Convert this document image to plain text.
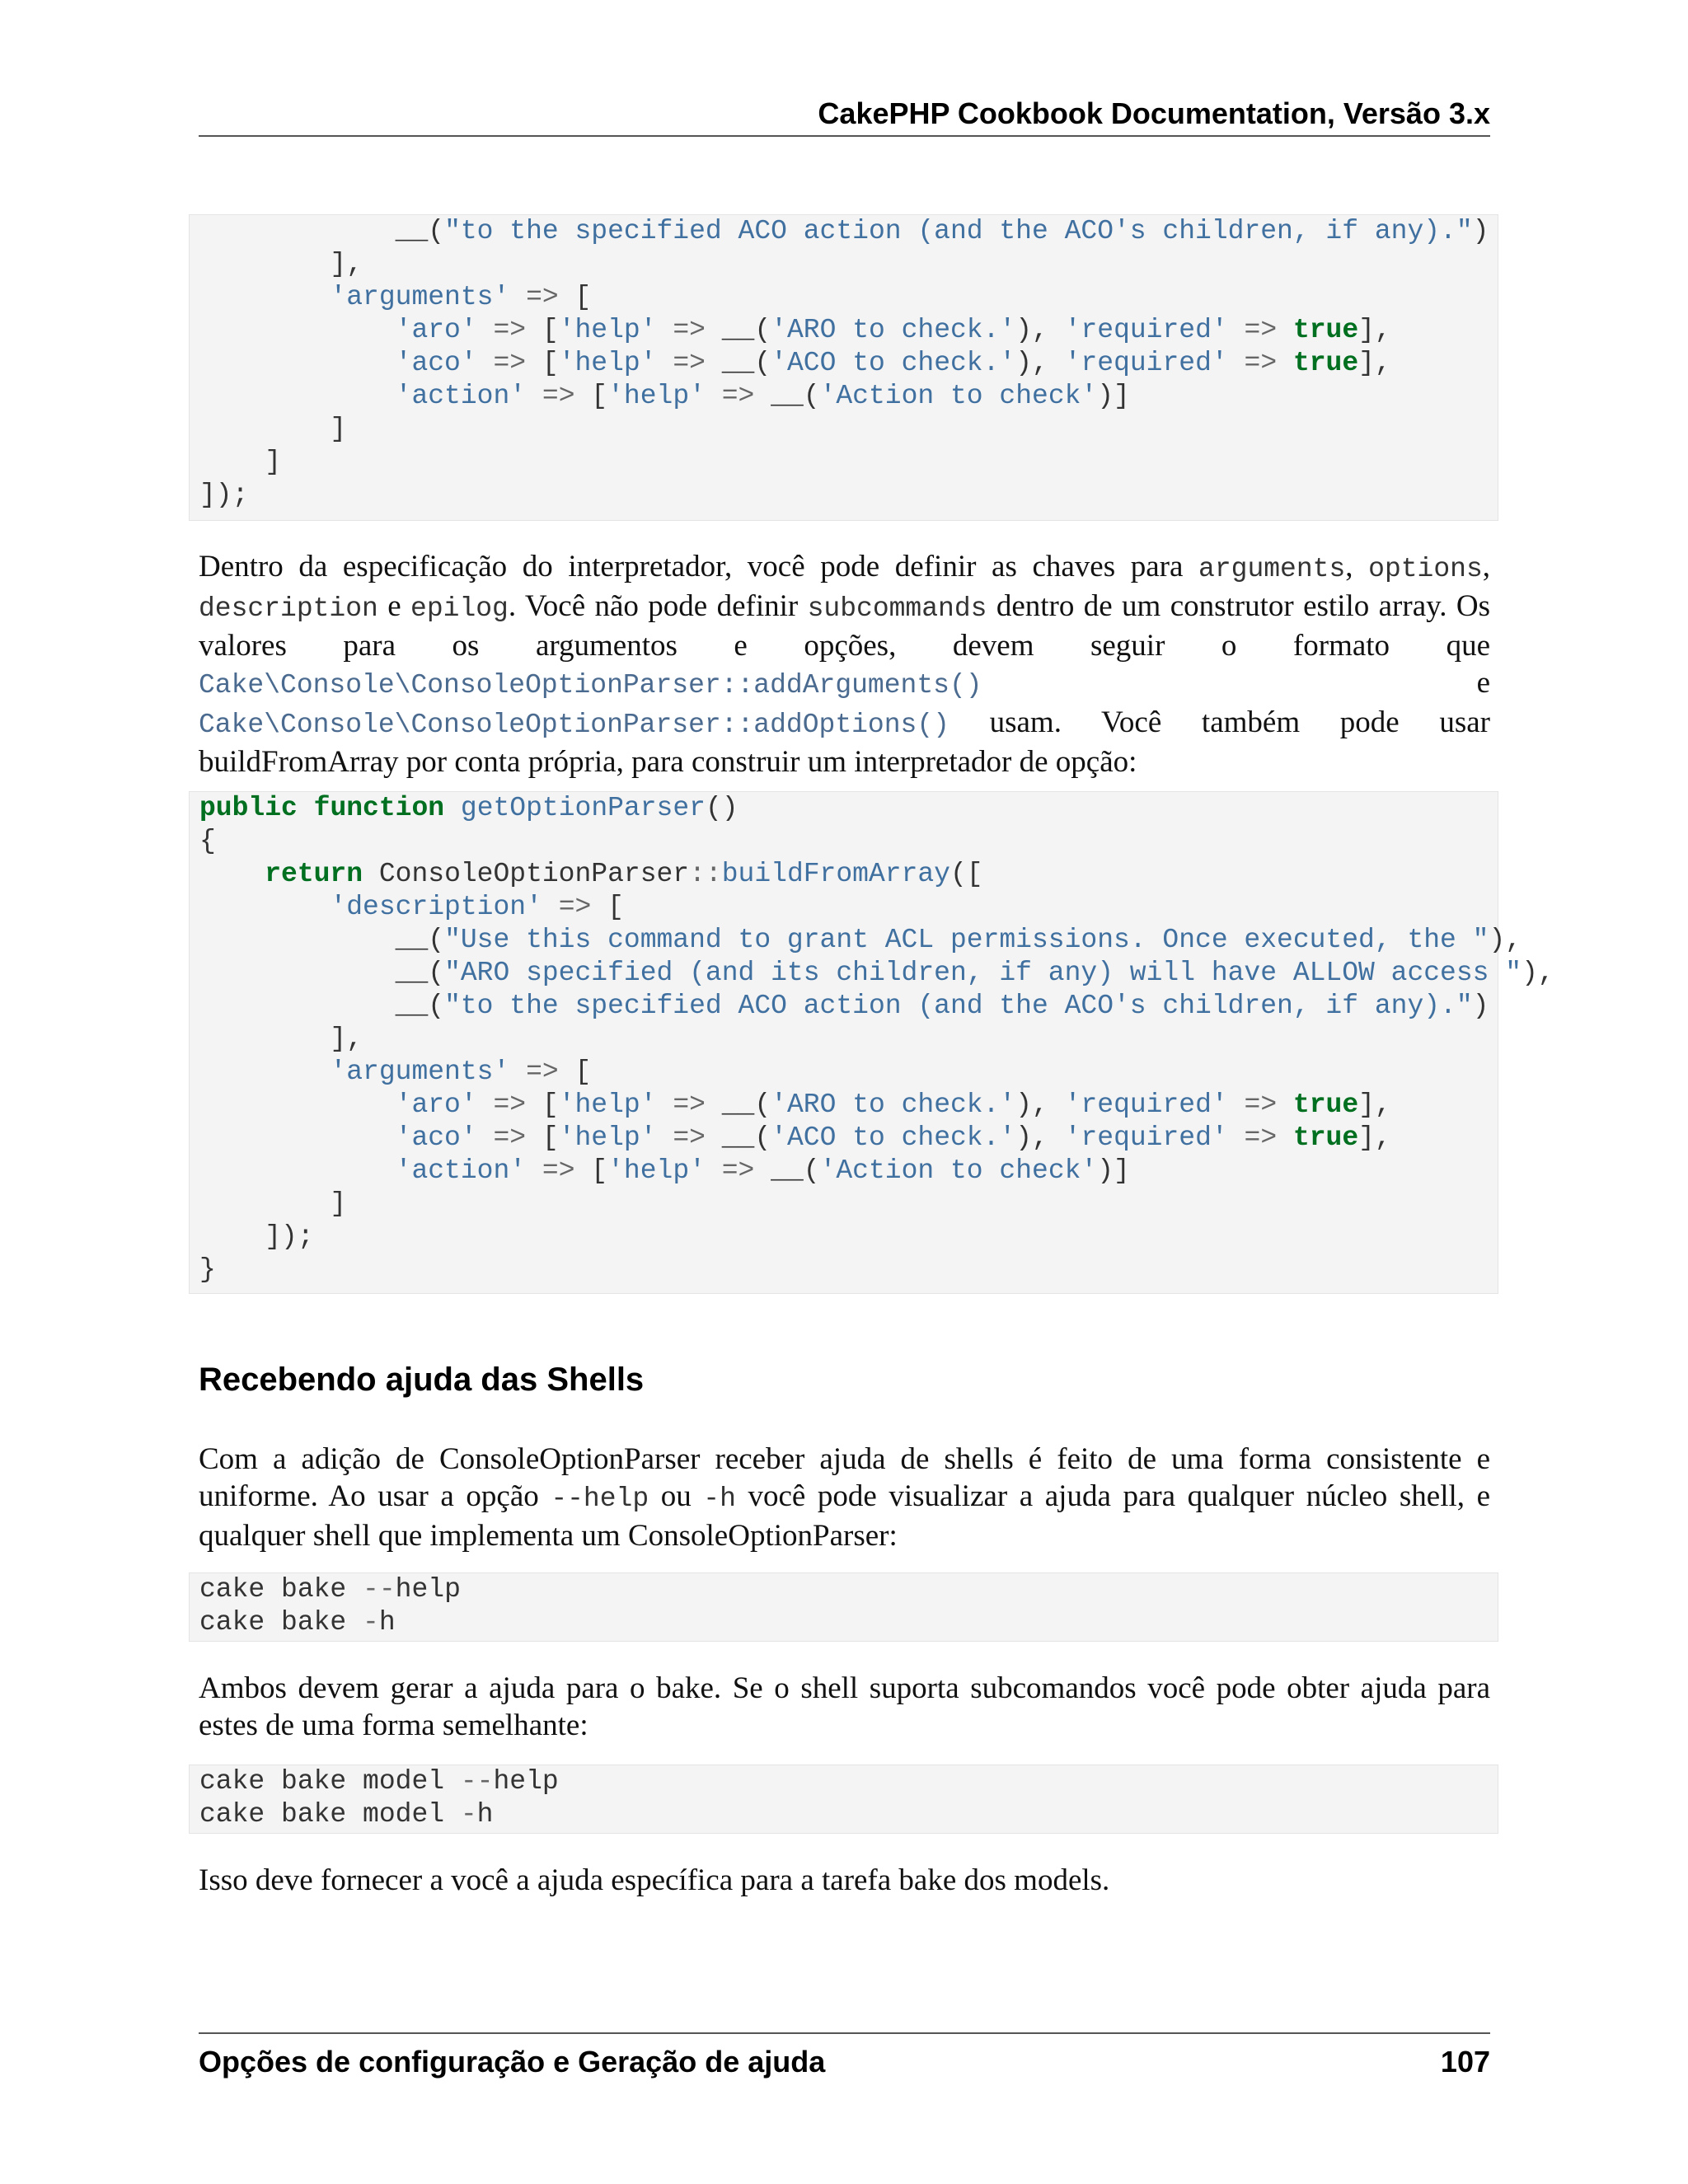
CakePHP Cookbook Documentation, Versão 3.x
__("to the specified ACO action (and the ACO's children, if any).")
],
'arguments' => [
'aro' => ['help' => __('ARO to check.'), 'required' => true],
'aco' => ['help' => __('ACO to check.'), 'required' => true],
'action' => ['help' => __('Action to check')]
]
]
]);
Dentro da especificação do interpretador, você pode definir as chaves para arguments, options, description e epilog. Você não pode definir subcommands dentro de um construtor estilo array. Os valores para os argumentos e opções, devem seguir o formato que Cake\Console\ConsoleOptionParser::addArguments() e Cake\Console\ConsoleOptionParser::addOptions() usam. Você também pode usar buildFromArray por conta própria, para construir um interpretador de opção:
public function getOptionParser()
{
return ConsoleOptionParser::buildFromArray([
'description' => [
__("Use this command to grant ACL permissions. Once executed, the "),
__("ARO specified (and its children, if any) will have ALLOW access "),
__("to the specified ACO action (and the ACO's children, if any).")
],
'arguments' => [
'aro' => ['help' => __('ARO to check.'), 'required' => true],
'aco' => ['help' => __('ACO to check.'), 'required' => true],
'action' => ['help' => __('Action to check')]
]
]);
}
Recebendo ajuda das Shells
Com a adição de ConsoleOptionParser receber ajuda de shells é feito de uma forma consistente e uniforme. Ao usar a opção --help ou -h você pode visualizar a ajuda para qualquer núcleo shell, e qualquer shell que implementa um ConsoleOptionParser:
cake bake --help
cake bake -h
Ambos devem gerar a ajuda para o bake. Se o shell suporta subcomandos você pode obter ajuda para estes de uma forma semelhante:
cake bake model --help
cake bake model -h
Isso deve fornecer a você a ajuda específica para a tarefa bake dos models.
Opções de configuração e Geração de ajuda	107
